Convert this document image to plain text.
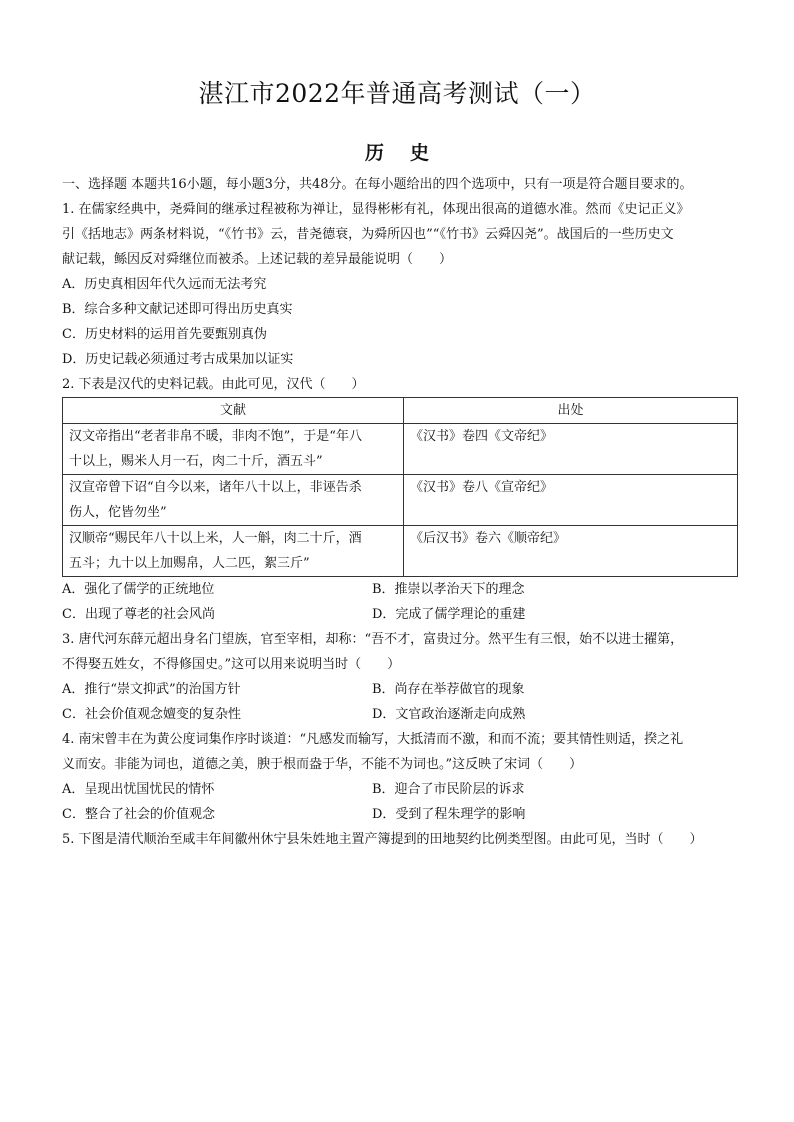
湛江市2022年普通高考测试（一）
历史

一、选择题 本题共16小题，每小题3分，共48分。在每小题给出的四个选项中，只有一项是符合题目要求的。

1. 在儒家经典中，尧舜间的继承过程被称为禅让，显得彬彬有礼，体现出很高的道德水准。然而《史记正义》

引《括地志》两条材料说，“《竹书》云，昔尧德衰，为舜所囚也”“《竹书》云舜囚尧”。战国后的一些历史文

献记载，鲧因反对舜继位而被杀。上述记载的差异最能说明（　　）

A．历史真相因年代久远而无法考究

B．综合多种文献记述即可得出历史真实

C．历史材料的运用首先要甄别真伪

D．历史记载必须通过考古成果加以证实

2. 下表是汉代的史料记载。由此可见，汉代（　　）

文献	出处

汉文帝指出“老者非帛不暖，非肉不饱”，于是“年八
十以上，赐米人月一石，肉二十斤，酒五斗”	《汉书》卷四《文帝纪》

汉宣帝曾下诏“自今以来，诸年八十以上，非诬告杀
伤人，佗皆勿坐”	《汉书》卷八《宣帝纪》

汉顺帝“赐民年八十以上米，人一斛，肉二十斤，酒
五斗；九十以上加赐帛，人二匹，絮三斤”	《后汉书》卷六《顺帝纪》
A．强化了儒学的正统地位	B．推崇以孝治天下的理念
C．出现了尊老的社会风尚	D．完成了儒学理论的重建

3. 唐代河东薛元超出身名门望族，官至宰相，却称：“吾不才，富贵过分。然平生有三恨，始不以进士擢第，

不得娶五姓女，不得修国史。”这可以用来说明当时（　　）

A．推行“崇文抑武”的治国方针	B．尚存在举荐做官的现象
C．社会价值观念嬗变的复杂性	D．文官政治逐渐走向成熟

4. 南宋曾丰在为黄公度词集作序时谈道：“凡感发而输写，大抵清而不激，和而不流；要其情性则适，揆之礼

义而安。非能为词也，道德之美，腴于根而盎于华，不能不为词也。”这反映了宋词（　　）

A．呈现出忧国忧民的情怀	B．迎合了市民阶层的诉求
C．整合了社会的价值观念	D．受到了程朱理学的影响

5. 下图是清代顺治至咸丰年间徽州休宁县朱姓地主置产簿提到的田地契约比例类型图。由此可见，当时（　　）
